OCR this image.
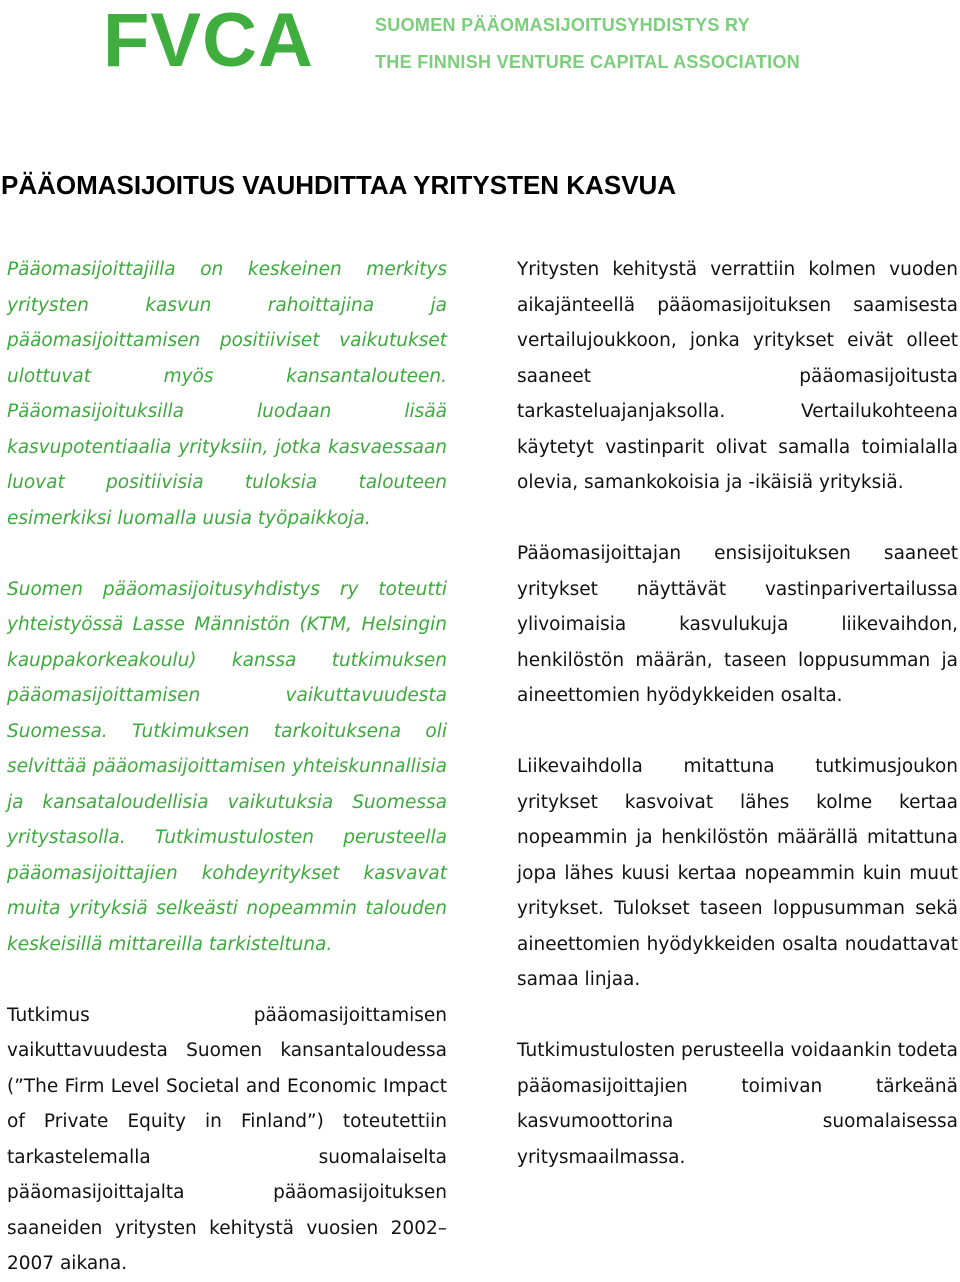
FVCA	SUOMEN PÄÄOMASIJOITUSYHDISTYS RY
THE FINNISH VENTURE CAPITAL ASSOCIATION
PÄÄOMASIJOITUS VAUHDITTAA YRITYSTEN KASVUA

Pääomasijoittajilla on keskeinen merkitys yritysten kasvun rahoittajina ja pääomasijoittamisen positiiviset vaikutukset ulottuvat myös kansantalouteen. Pääomasijoituksilla luodaan lisää kasvupotentiaalia yrityksiin, jotka kasvaessaan luovat positiivisia tuloksia talouteen esimerkiksi luomalla uusia työpaikkoja.

Suomen pääomasijoitusyhdistys ry toteutti yhteistyössä Lasse Männistön (KTM, Helsingin kauppakorkeakoulu) kanssa tutkimuksen pääomasijoittamisen vaikuttavuudesta Suomessa. Tutkimuksen tarkoituksena oli selvittää pääomasijoittamisen yhteiskunnallisia ja kansataloudellisia vaikutuksia Suomessa yritystasolla. Tutkimustulosten perusteella pääomasijoittajien kohdeyritykset kasvavat muita yrityksiä selkeästi nopeammin talouden keskeisillä mittareilla tarkisteltuna.

Tutkimus pääomasijoittamisen vaikuttavuudesta Suomen kansantaloudessa (”The Firm Level Societal and Economic Impact of Private Equity in Finland”) toteutettiin tarkastelemalla suomalaiselta pääomasijoittajalta pääomasijoituksen saaneiden yritysten kehitystä vuosien 2002–2007 aikana.

Yritysten kehitystä verrattiin kolmen vuoden aikajänteellä pääomasijoituksen saamisesta vertailujoukkoon, jonka yritykset eivät olleet saaneet pääomasijoitusta tarkasteluajanjaksolla. Vertailukohteena käytetyt vastinparit olivat samalla toimialalla olevia, samankokoisia ja -ikäisiä yrityksiä.

Pääomasijoittajan ensisijoituksen saaneet yritykset näyttävät vastinparivertailussa ylivoimaisia kasvulukuja liikevaihdon, henkilöstön määrän, taseen loppusumman ja aineettomien hyödykkeiden osalta.

Liikevaihdolla mitattuna tutkimusjoukon yritykset kasvoivat lähes kolme kertaa nopeammin ja henkilöstön määrällä mitattuna jopa lähes kuusi kertaa nopeammin kuin muut yritykset. Tulokset taseen loppusumman sekä aineettomien hyödykkeiden osalta noudattavat samaa linjaa.

Tutkimustulosten perusteella voidaankin todeta pääomasijoittajien toimivan tärkeänä kasvumoottorina suomalaisessa yritysmaailmassa.
